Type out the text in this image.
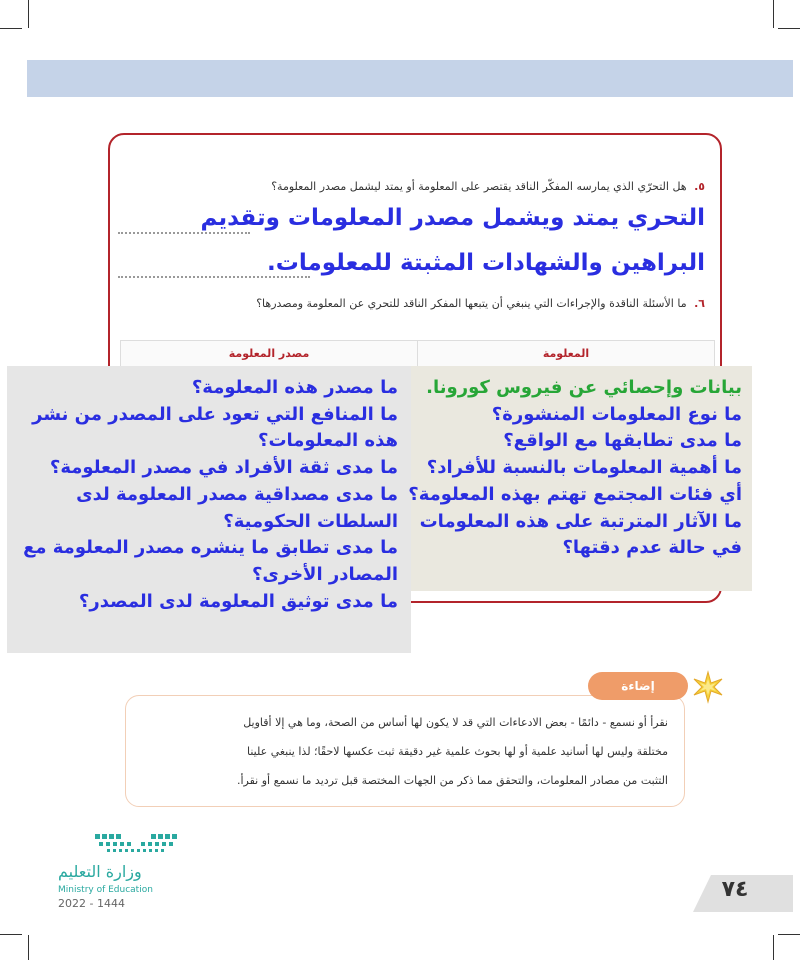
٥. هل التحرّي الذي يمارسه المفكّر الناقد يقتصر على المعلومة أو يمتد ليشمل مصدر المعلومة؟
التحري يمتد ويشمل مصدر المعلومات وتقديم
البراهين والشهادات المثبتة للمعلومات.
٦. ما الأسئلة الناقدة والإجراءات التي ينبغي أن يتبعها المفكر الناقد للتحري عن المعلومة ومصدرها؟
المعلومة
مصدر المعلومة
بيانات وإحصائي عن فيروس كورونا.
ما نوع المعلومات المنشورة؟
ما مدى تطابقها مع الواقع؟
ما أهمية المعلومات بالنسبة للأفراد؟
أي فئات المجتمع تهتم بهذه المعلومة؟
ما الآثار المترتبة على هذه المعلومات
في حالة عدم دقتها؟
ما مصدر هذه المعلومة؟
ما المنافع التي تعود على المصدر من نشر
هذه المعلومات؟
ما مدى ثقة الأفراد في مصدر المعلومة؟
ما مدى مصداقية مصدر المعلومة لدى
السلطات الحكومية؟
ما مدى تطابق ما ينشره مصدر المعلومة مع
المصادر الأخرى؟
ما مدى توثيق المعلومة لدى المصدر؟
إضاءة
نقرأ أو نسمع - دائمًا - بعض الادعاءات التي قد لا يكون لها أساس من الصحة، وما هي إلا أقاويل
مختلقة وليس لها أسانيد علمية أو لها بحوث علمية غير دقيقة ثبت عكسها لاحقًا؛ لذا ينبغي علينا
التثبت من مصادر المعلومات، والتحقق مما ذكر من الجهات المختصة قبل ترديد ما نسمع أو نقرأ.
وزارة التعليم
Ministry of Education
2022 - 1444
٧٤
